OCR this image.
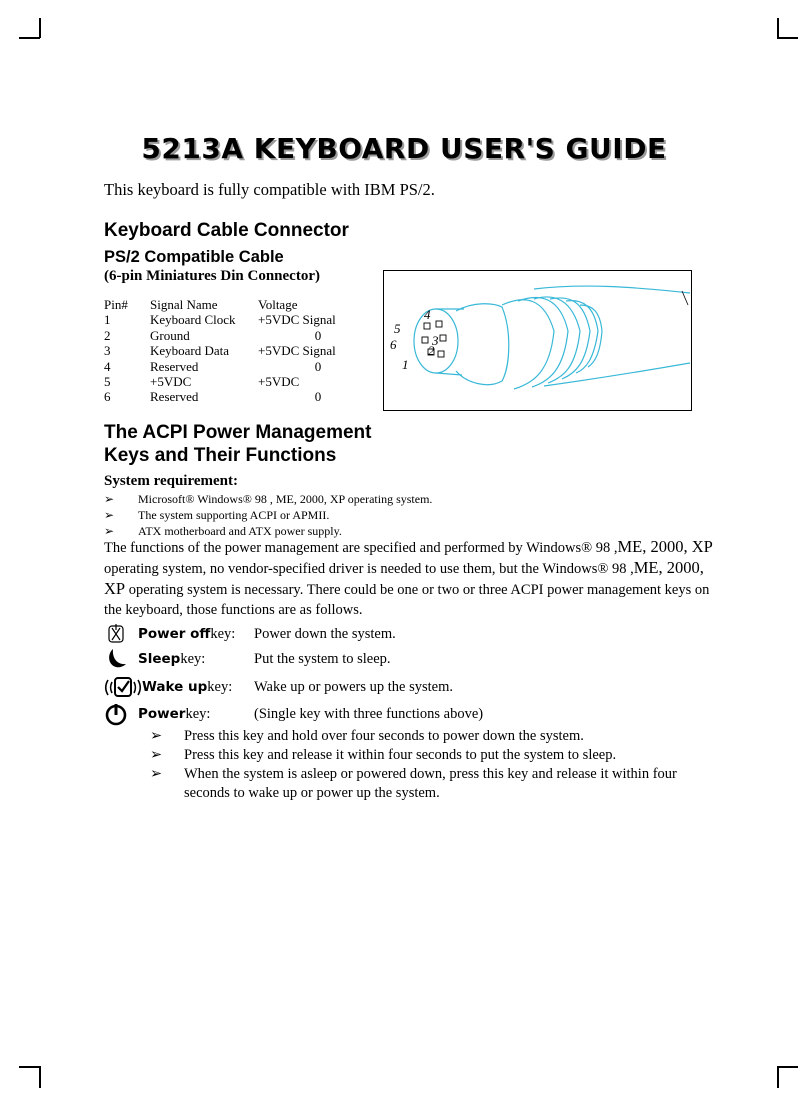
5213A KEYBOARD USER'S GUIDE
This keyboard is fully compatible with IBM PS/2.
Keyboard Cable Connector
PS/2 Compatible Cable
(6-pin Miniatures Din Connector)
Pin#	Signal Name	Voltage
1	Keyboard Clock	+5VDC Signal
2	Ground	0
3	Keyboard Data	+5VDC Signal
4	Reserved	0
5	+5VDC	+5VDC
6	Reserved	0
1
2
3
4
5
6
The ACPI Power Management
Keys and Their Functions
System requirement:
➢	Microsoft® Windows® 98 , ME, 2000, XP operating system.
➢	The system supporting ACPI or APMII.
➢	ATX motherboard and ATX power supply.
The functions of the power management are specified and performed by Windows® 98 ,ME, 2000, XP operating system, no vendor-specified driver is needed to use them, but the Windows® 98 ,ME, 2000, XP operating system is necessary. There could be one or two or three ACPI power management keys on the keyboard, those functions are as follows.
Power off key: Power down the system.
Sleep key:	Put the system to sleep.
Wake up key: Wake up or powers up the system.
Power key:	(Single key with three functions above)
➢	Press this key and hold over four seconds to power down the system.
➢	Press this key and release it within four seconds to put the system to sleep.
➢	When the system is asleep or powered down, press this key and release it within four seconds to wake up or power up the system.
